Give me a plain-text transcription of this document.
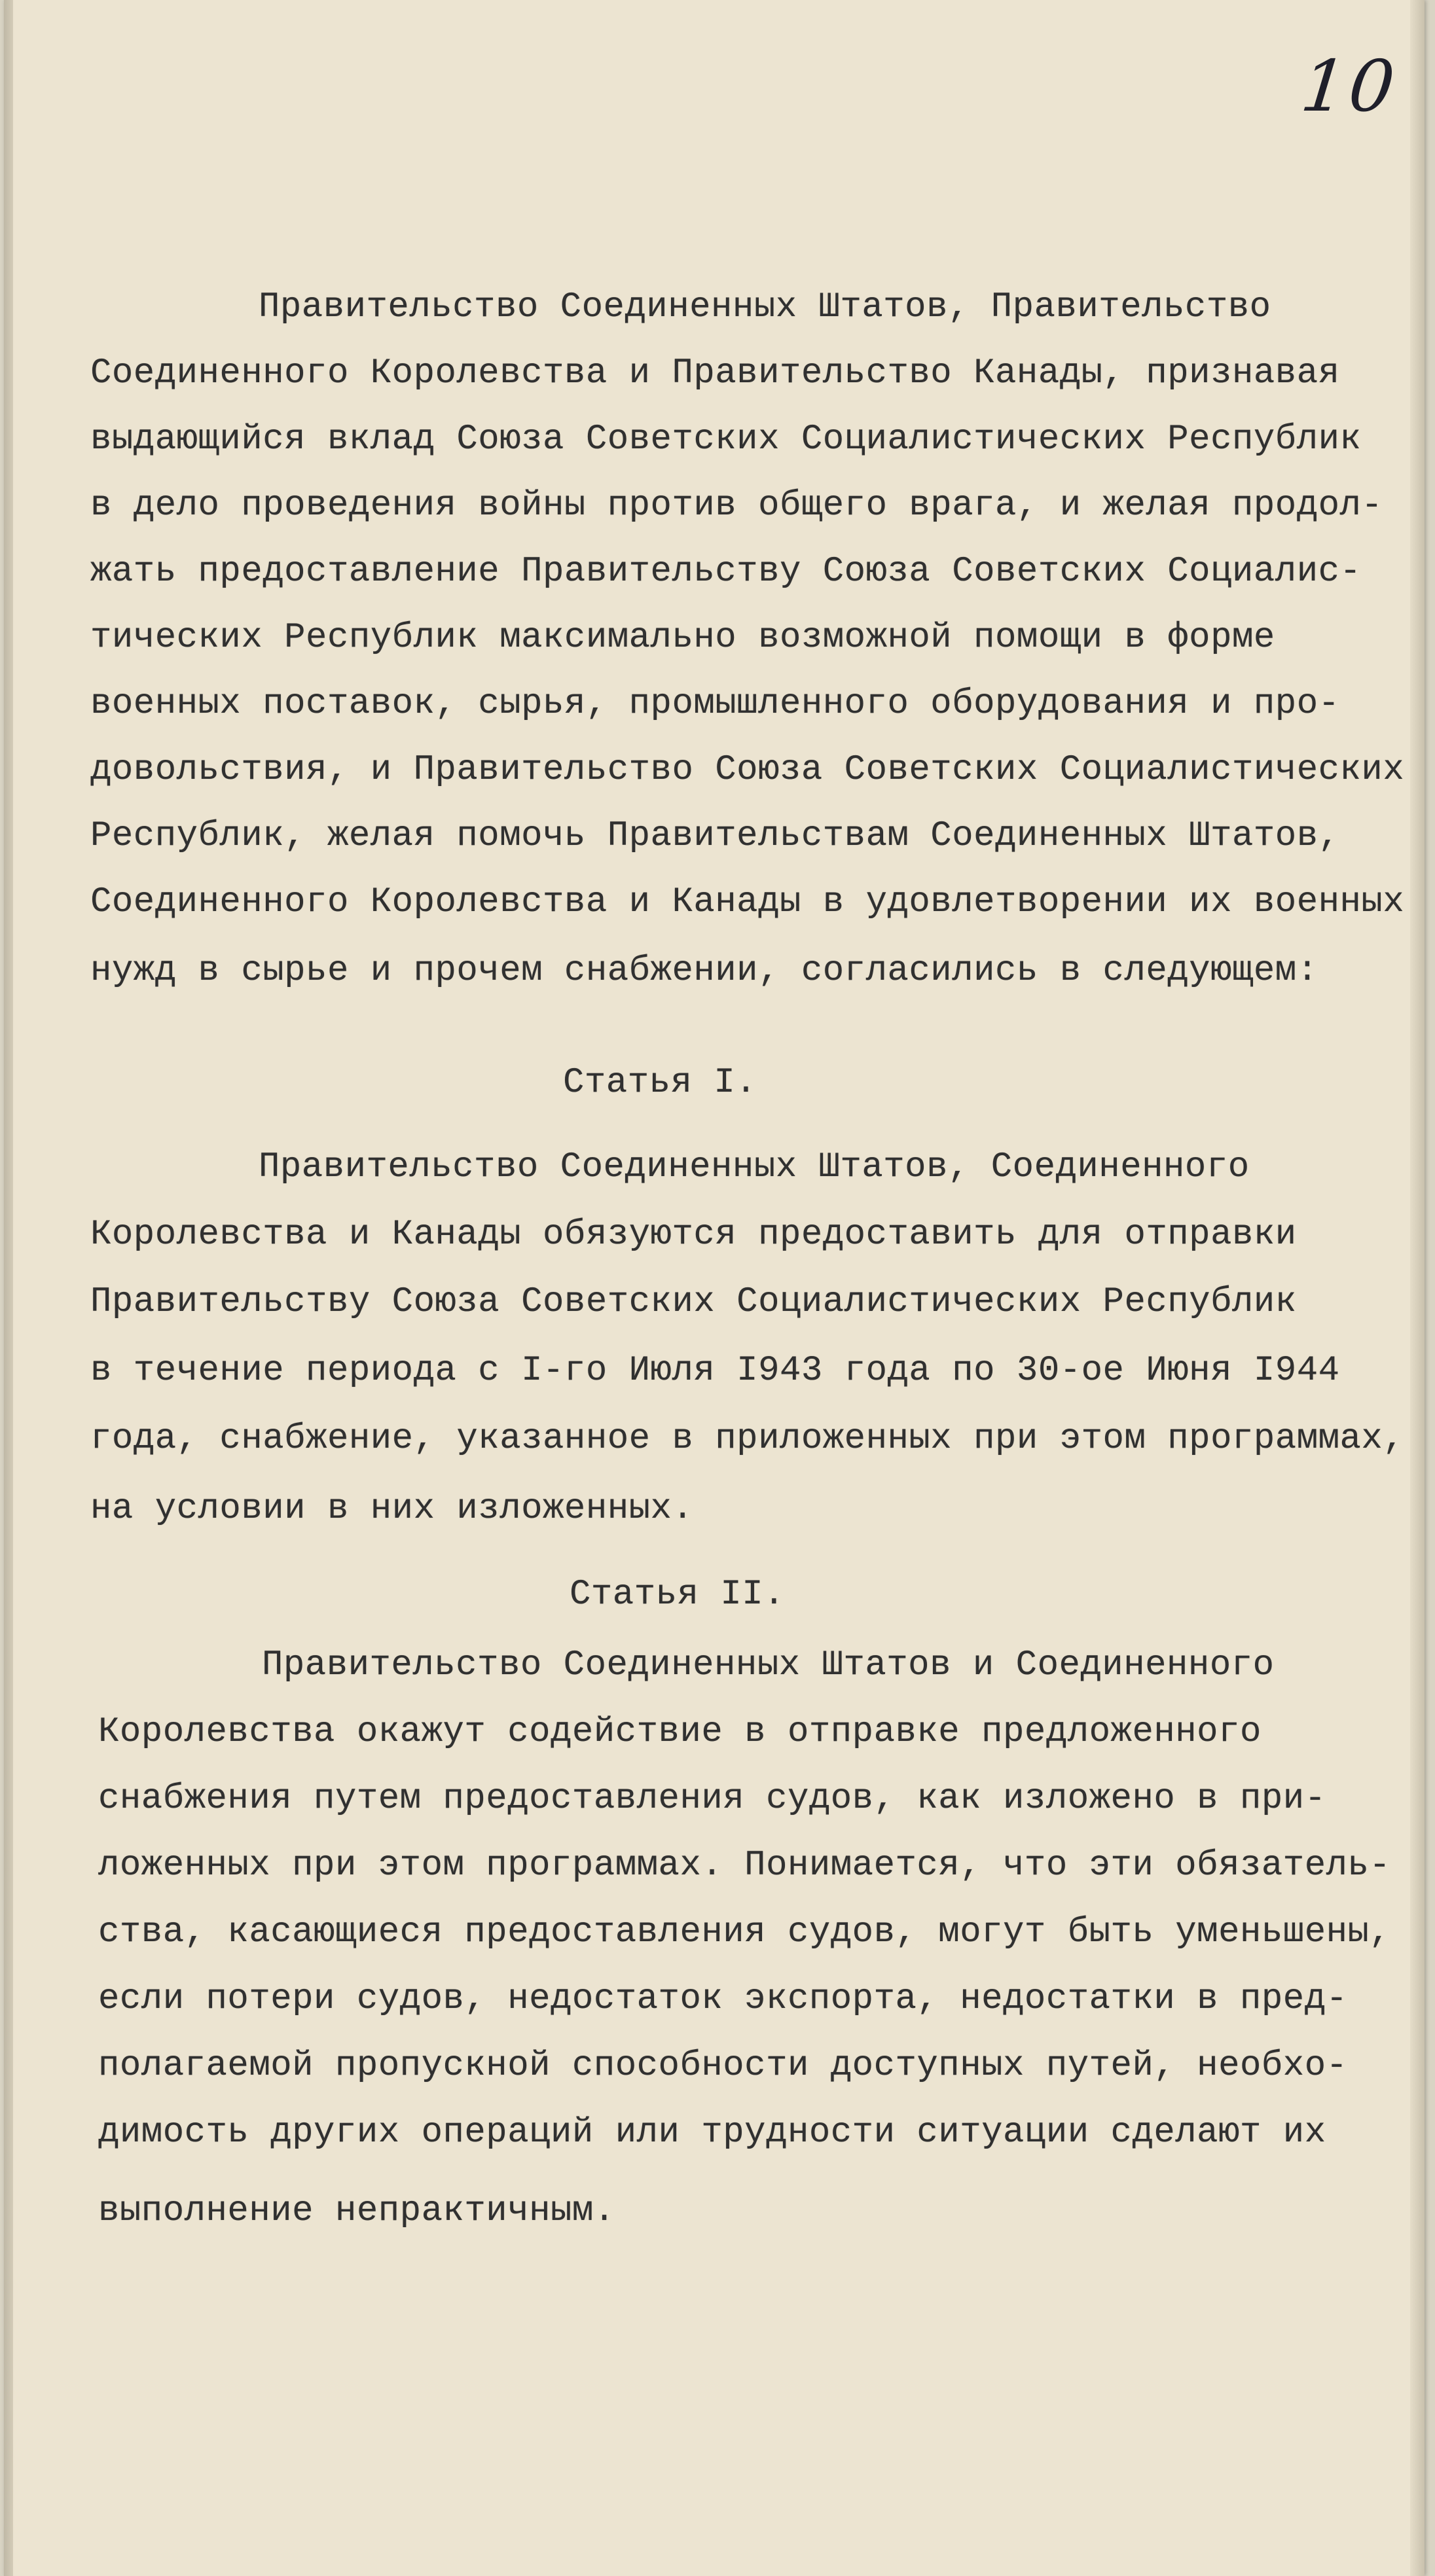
10

Правительство Соединенных Штатов, Правительство

Соединенного Королевства и Правительство Канады, признавая

выдающийся вклад Союза Советских Социалистических Республик

в дело проведения войны против общего врага, и желая продол-

жать предоставление Правительству Союза Советских Социалис-

тических Республик максимально возможной помощи в форме

военных поставок, сырья, промышленного оборудования и про-

довольствия, и Правительство Союза Советских Социалистических

Республик, желая помочь Правительствам Соединенных Штатов,

Соединенного Королевства и Канады в удовлетворении их военных

нужд в сырье и прочем снабжении, согласились в следующем:

Статья I.

Правительство Соединенных Штатов, Соединенного

Королевства и Канады обязуются предоставить для отправки

Правительству Союза Советских Социалистических Республик

в течение периода с I-го Июля I943 года по 30-ое Июня I944

года, снабжение, указанное в приложенных при этом программах,

на условии в них изложенных.

Статья II.

Правительство Соединенных Штатов и Соединенного

Королевства окажут содействие в отправке предложенного

снабжения путем предоставления судов, как изложено в при-

ложенных при этом программах. Понимается, что эти обязатель-

ства, касающиеся предоставления судов, могут быть уменьшены,

если потери судов, недостаток экспорта, недостатки в пред-

полагаемой пропускной способности доступных путей, необхо-

димость других операций или трудности ситуации сделают их

выполнение непрактичным.
